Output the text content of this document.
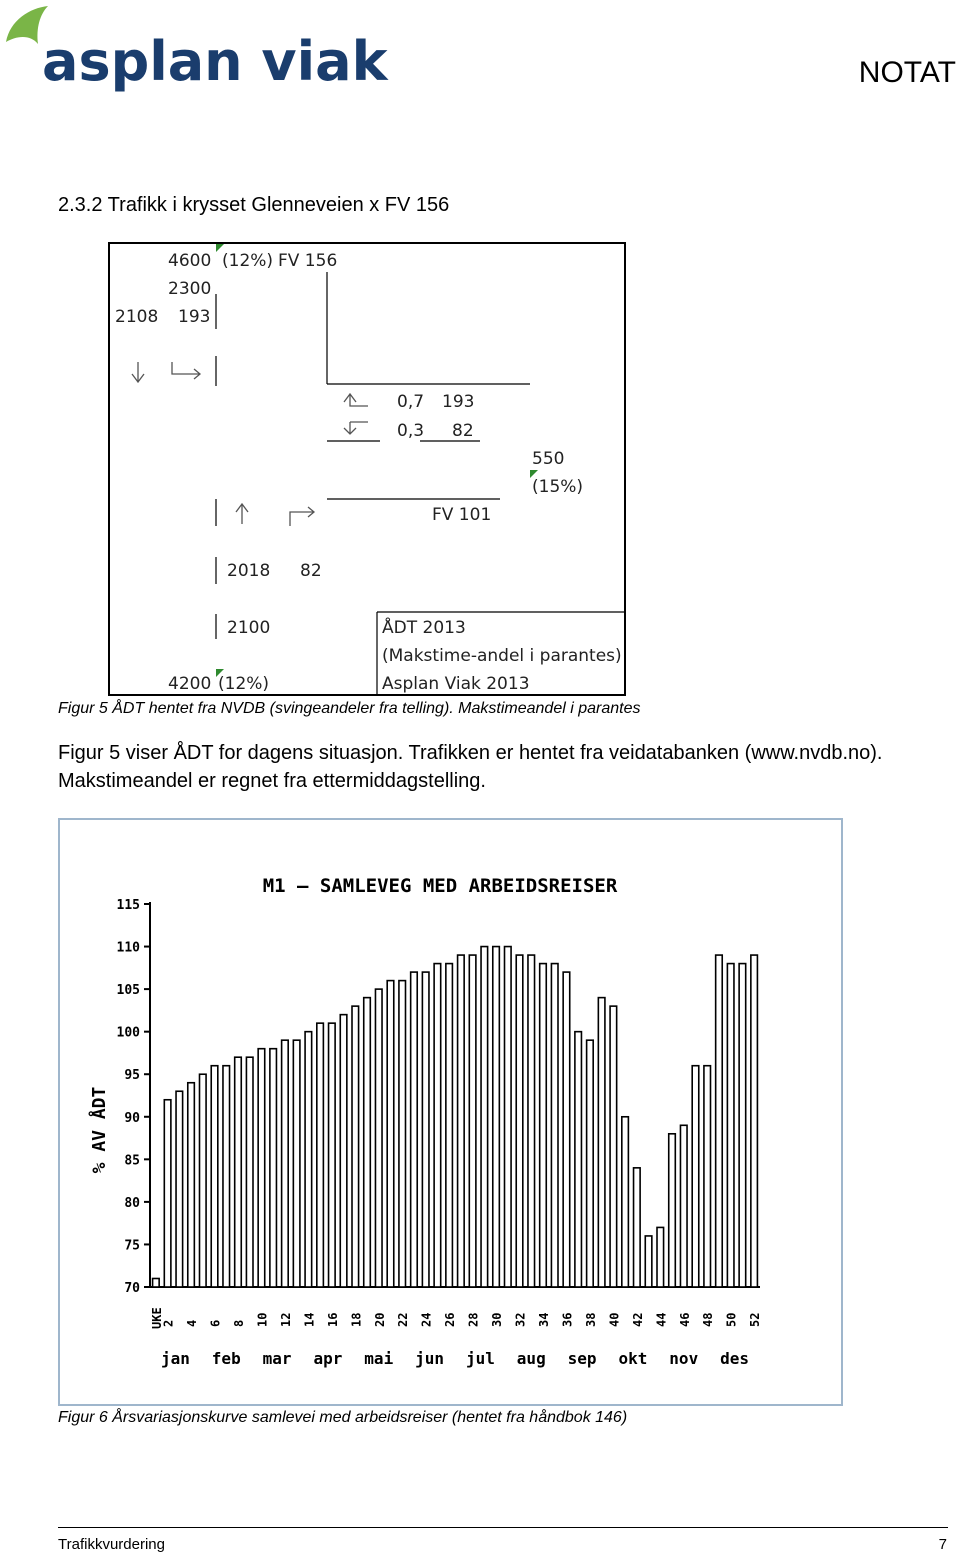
asplan viak	NOTAT
2.3.2 Trafikk i krysset Glenneveien x FV 156
4600 (12%) FV 156
2300
2108 193
0,7 193
0,3 82
550
(15%)
FV 101
2018 82
2100	ÅDT 2013
(Makstime-andel i parantes)
4200 (12%)	Asplan Viak 2013
Figur 5 ÅDT hentet fra NVDB (svingeandeler fra telling). Makstimeandel i parantes
Figur 5 viser ÅDT for dagens situasjon. Trafikken er hentet fra veidatabanken (www.nvdb.no). Makstimeandel er regnet fra ettermiddagstelling.
M1 – SAMLEVEG MED ARBEIDSREISER
% AV ÅDT
70
75
80
85
90
95
100
105
110
115
UKE
2 4 6 8 10 12 14 16 18 20 22 24 26 28 30 32 34 36 38 40 42 44 46 48 50 52
jan feb mar apr mai jun jul aug sep okt nov des
Figur 6 Årsvariasjonskurve samlevei med arbeidsreiser (hentet fra håndbok 146)
Trafikkvurdering	7
